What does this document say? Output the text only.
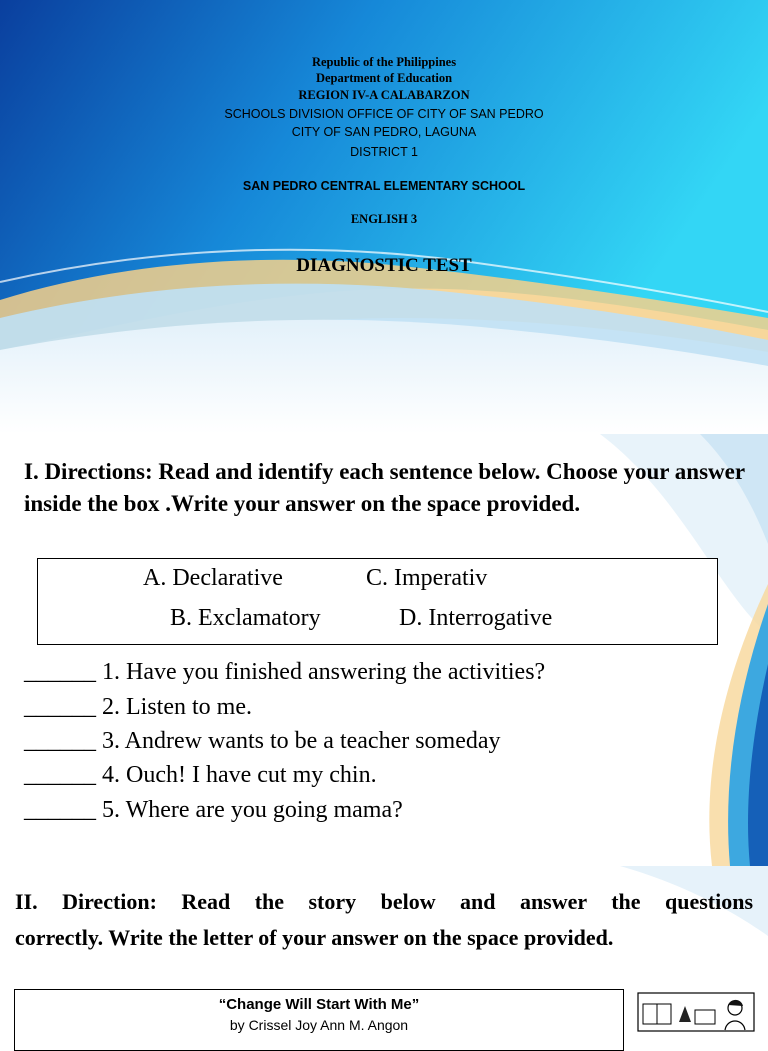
Republic of the Philippines

Department of Education

REGION IV-A CALABARZON

SCHOOLS DIVISION OFFICE OF CITY OF SAN PEDRO

CITY OF SAN PEDRO, LAGUNA

DISTRICT 1

SAN PEDRO CENTRAL ELEMENTARY SCHOOL

ENGLISH 3

DIAGNOSTIC TEST

I. Directions: Read and identify each sentence below. Choose your answer inside the box .Write your answer on the space provided.

A. Declarative	C. Imperativ
B. Exclamatory	D. Interrogative
______ 1. Have you finished answering the activities?
______ 2. Listen to me.
______ 3. Andrew wants to be a teacher someday
______ 4. Ouch! I have cut my chin.
______ 5. Where are you going mama?

II. Direction: Read the story below and answer the questions
correctly. Write the letter of your answer on the space provided.

“Change Will Start With Me”
by Crissel Joy Ann M. Angon
